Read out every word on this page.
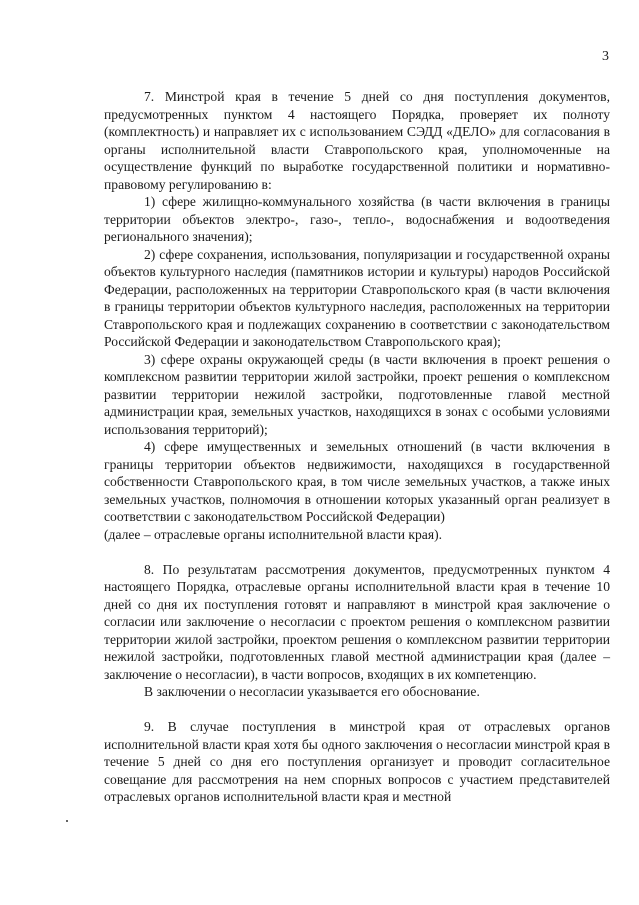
3

7. Минстрой края в течение 5 дней со дня поступления документов, предусмотренных пунктом 4 настоящего Порядка, проверяет их полноту (комплектность) и направляет их с использованием СЭДД «ДЕЛО» для согласования в органы исполнительной власти Ставропольского края, уполномоченные на осуществление функций по выработке государственной политики и нормативно-правовому регулированию в:

1) сфере жилищно-коммунального хозяйства (в части включения в границы территории объектов электро-, газо-, тепло-, водоснабжения и водоотведения регионального значения);

2) сфере сохранения, использования, популяризации и государственной охраны объектов культурного наследия (памятников истории и культуры) народов Российской Федерации, расположенных на территории Ставропольского края (в части включения в границы территории объектов культурного наследия, расположенных на территории Ставропольского края и подлежащих сохранению в соответствии с законодательством Российской Федерации и законодательством Ставропольского края);

3) сфере охраны окружающей среды (в части включения в проект решения о комплексном развитии территории жилой застройки, проект решения о комплексном развитии территории нежилой застройки, подготовленные главой местной администрации края, земельных участков, находящихся в зонах с особыми условиями использования территорий);

4) сфере имущественных и земельных отношений (в части включения в границы территории объектов недвижимости, находящихся в государственной собственности Ставропольского края, в том числе земельных участков, а также иных земельных участков, полномочия в отношении которых указанный орган реализует в соответствии с законодательством Российской Федерации)

(далее – отраслевые органы исполнительной власти края).

8. По результатам рассмотрения документов, предусмотренных пунктом 4 настоящего Порядка, отраслевые органы исполнительной власти края в течение 10 дней со дня их поступления готовят и направляют в минстрой края заключение о согласии или заключение о несогласии с проектом решения о комплексном развитии территории жилой застройки, проектом решения о комплексном развитии территории нежилой застройки, подготовленных главой местной администрации края (далее – заключение о несогласии), в части вопросов, входящих в их компетенцию.

В заключении о несогласии указывается его обоснование.

9. В случае поступления в минстрой края от отраслевых органов исполнительной власти края хотя бы одного заключения о несогласии минстрой края в течение 5 дней со дня его поступления организует и проводит согласительное совещание для рассмотрения на нем спорных вопросов с участием представителей отраслевых органов исполнительной власти края и местной
